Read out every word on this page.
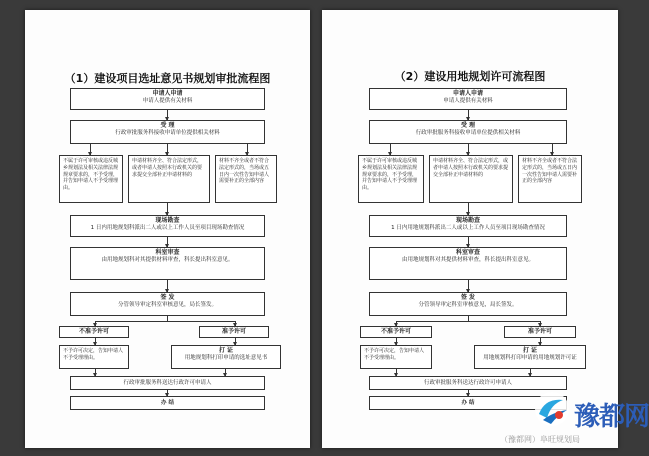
（1）建设项目选址意见书规划审批流程图
申请人申请
申请人提供有关材料
受 理
行政审批服务科接收申请单位提供相关材料
不属于许可审核或违反城乡规划法及相关法律法规规章要求的，不予受理，并告知申请人不予受理理由。
申请材料齐全、符合法定形式，或者申请人按照本行政机关的要求提交全部补正申请材料的
材料不齐全或者不符合法定形式的，当场或五日内一次性告知申请人需要补正的全部内容
现场勘查
1 日内用地规划科派出二人或以上工作人员至项目现场勘查情况
科室审查
由用地规划科对其提供材料审查，科长提出科室意见。
签 发
分管领导审定科室审核意见，局长签发。
不准予许可	准予许可
不予许可决定，告知申请人不予受理理由。
打 证
用地规划科打印申请的选址意见书
行政审批服务科送达行政许可申请人
办 结
（2）建设用地规划许可流程图
申请人申请
申请人提供有关材料
受 理
行政审批服务科接收申请单位提供相关材料
不属于许可审核或违反城乡规划法及相关法律法规规章要求的，不予受理，并告知申请人不予受理理由。
申请材料齐全、符合法定形式，或者申请人按照本行政机关的要求提交全部补正申请材料的
材料不齐全或者不符合法定形式的，当场或五日内一次性告知申请人需要补正的全部内容
现场勘查
1 日内用地规划科派出二人或以上工作人员至项目现场勘查情况
科室审查
由用地规划科对其提供材料审查，科长提出科室意见。
签 发
分管领导审定科室审核意见，局长签发。
不准予许可	准予许可
不予许可决定，告知申请人不予受理理由。
打 证
用地规划科打印申请的用地规划许可证
行政审批服务科送达行政许可申请人
办 结	豫都网
（豫都网）阜旺规划局
